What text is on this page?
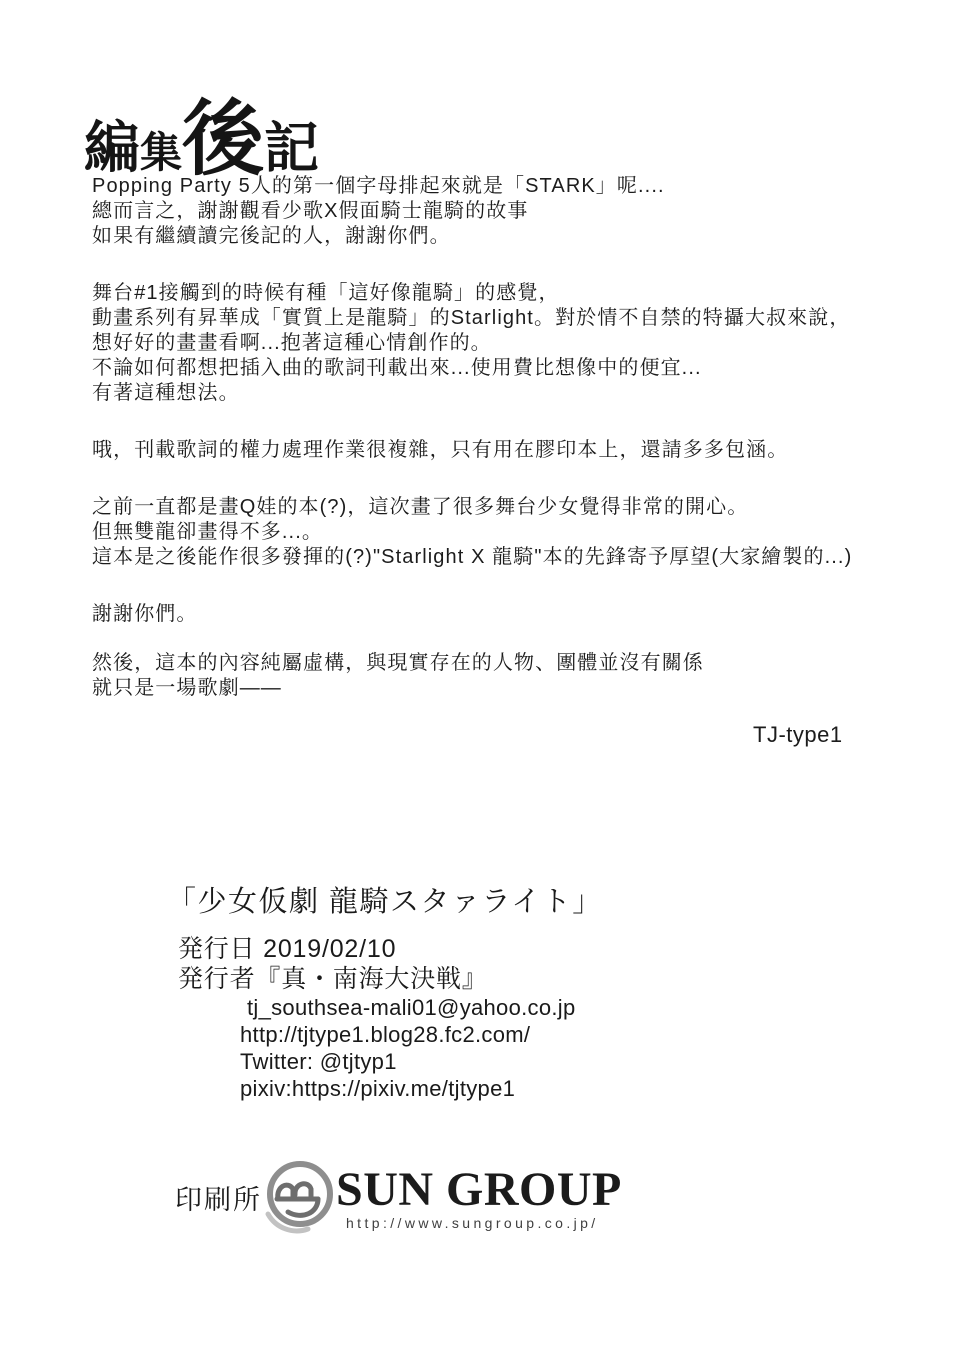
編集後記

Popping Party 5人的第一個字母排起來就是「STARK」呢....
總而言之，謝謝觀看少歌X假面騎士龍騎的故事
如果有繼續讀完後記的人，謝謝你們。

舞台#1接觸到的時候有種「這好像龍騎」的感覺，
動畫系列有昇華成「實質上是龍騎」的Starlight。對於情不自禁的特攝大叔來說，
想好好的畫畫看啊...抱著這種心情創作的。
不論如何都想把插入曲的歌詞刊載出來...使用費比想像中的便宜...
有著這種想法。

哦，刊載歌詞的權力處理作業很複雜，只有用在膠印本上，還請多多包涵。

之前一直都是畫Q娃的本(?)，這次畫了很多舞台少女覺得非常的開心。
但無雙龍卻畫得不多...。
這本是之後能作很多發揮的(?)"Starlight X 龍騎"本的先鋒寄予厚望(大家繪製的...)

謝謝你們。

然後，這本的內容純屬虛構，與現實存在的人物、團體並沒有關係
就只是一場歌劇——

TJ-type1
「少女仮劇 龍騎スタァライト」
発行日 2019/02/10
発行者『真・南海大決戦』
tj_southsea-mali01@yahoo.co.jp
http://tjtype1.blog28.fc2.com/
Twitter: @tjtyp1
pixiv:https://pixiv.me/tjtype1
印刷所 SUN GROUP
http://www.sungroup.co.jp/
